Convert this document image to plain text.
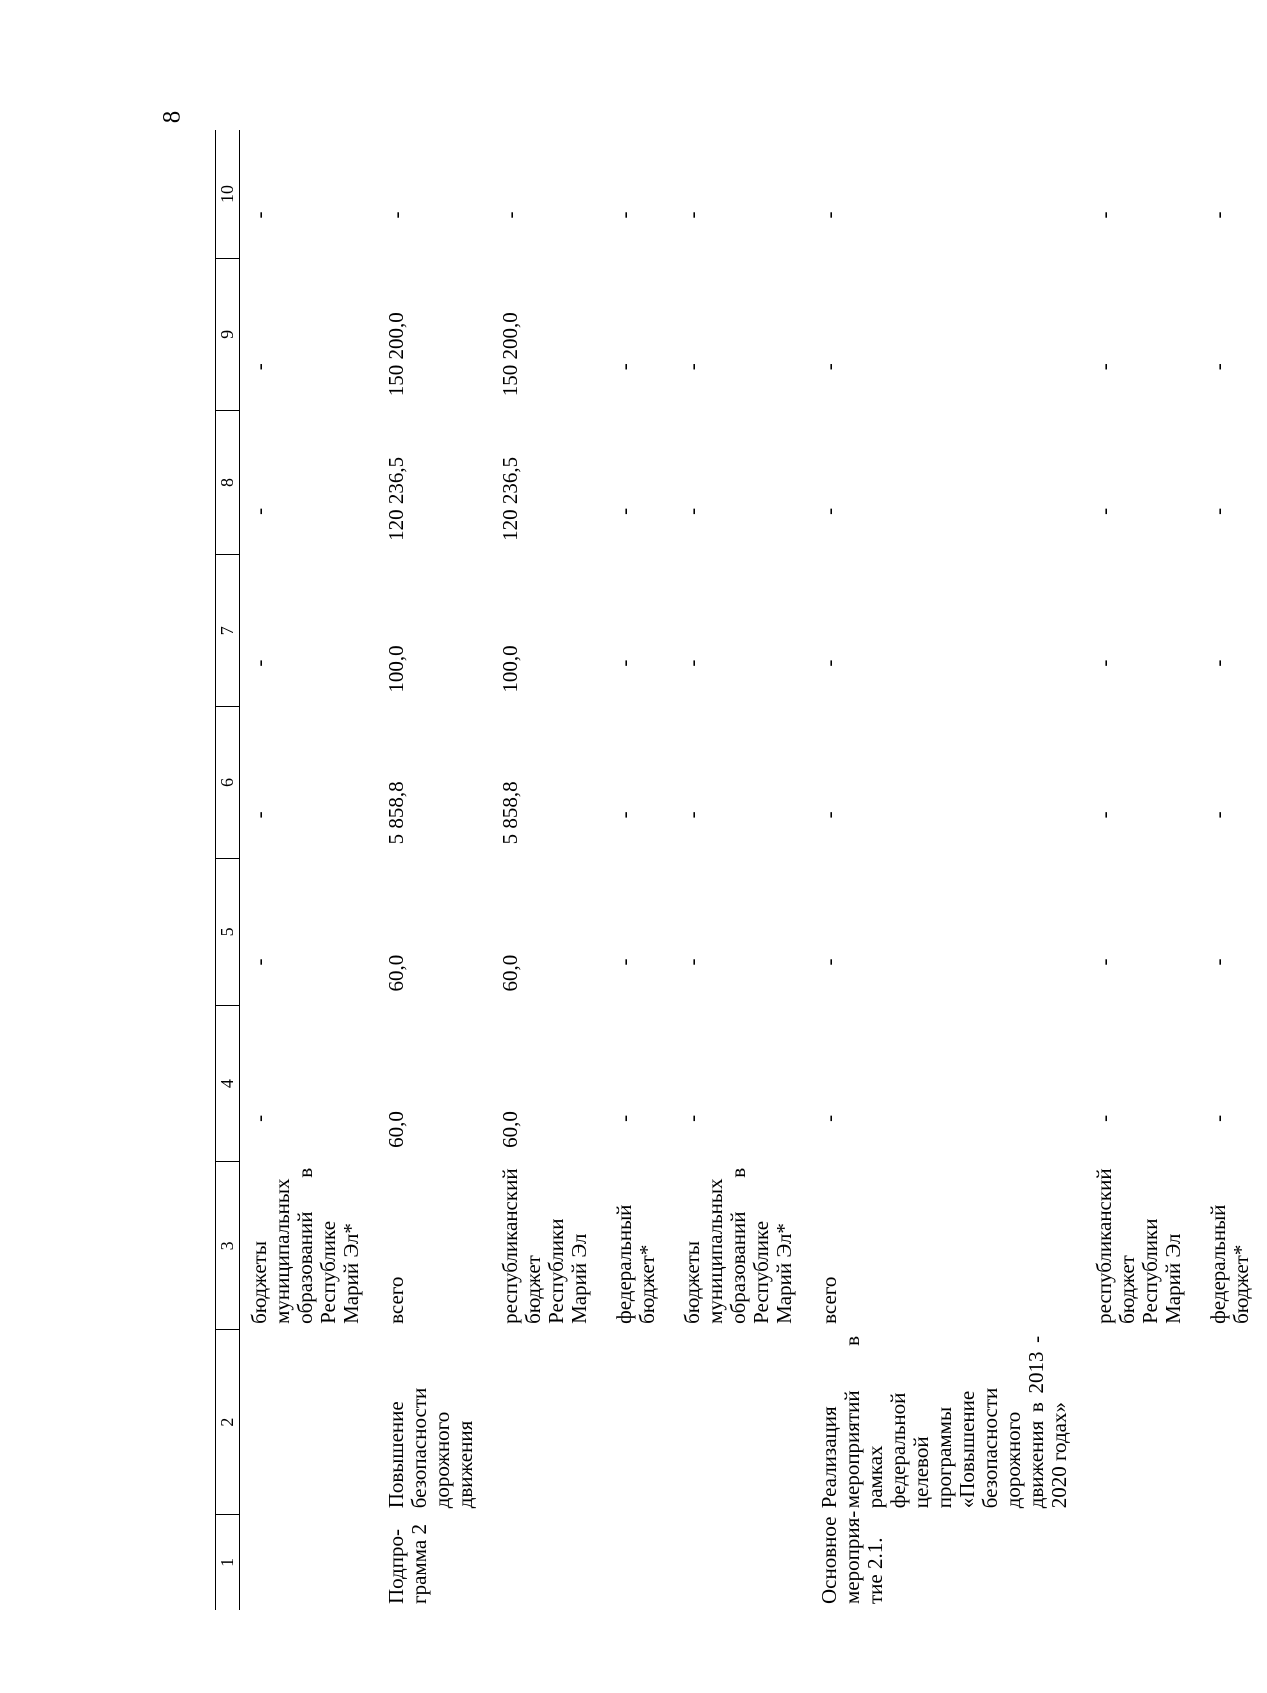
8
1	2	3	4	5	6	7	8	9	10
		бюджеты муниципальных образований в Республике Марий Эл*	-	-	-	-	-	-	-
Подпро-грамма 2	Повышение безопасности дорожного движения	всего	60,0	60,0	5 858,8	100,0	120 236,5	150 200,0	-
		республиканский бюджет Республики Марий Эл	60,0	60,0	5 858,8	100,0	120 236,5	150 200,0	-
		федеральный бюджет*	-	-	-	-	-	-	-
		бюджеты муниципальных образований в Республике Марий Эл*	-	-	-	-	-	-	-
Основное мероприя-тие 2.1.	Реализация мероприятий в рамках федеральной целевой программы «Повышение безопасности дорожного движения в 2013 - 2020 годах»	всего	-	-	-	-	-	-	-
		республиканский бюджет Республики Марий Эл	-	-	-	-	-	-	-
		федеральный бюджет*	-	-	-	-	-	-	-
